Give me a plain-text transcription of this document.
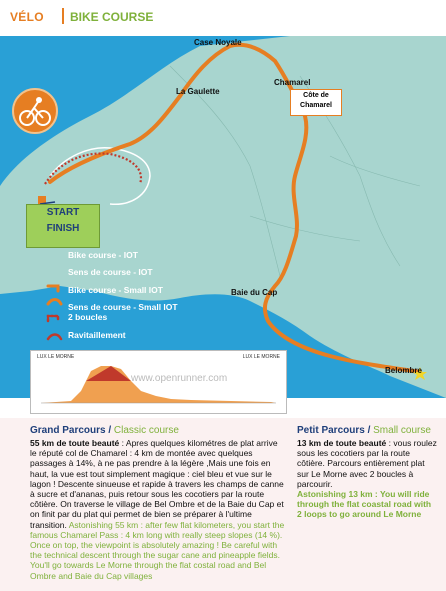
VÉLO BIKE COURSE
Case Noyale
La Gaulette
Chamarel
Côte de
Chamarel
Baie du Cap
Belombre
START
FINISH
Bike course - IOT
Sens de course - IOT
Bike course - Small IOT
Sens de course - Small IOT
2 boucles
Ravitaillement
LUX LE MORNE	LUX LE MORNE
www.openrunner.com
Grand Parcours / Classic course
55 km de toute beauté : Apres quelques kilométres de plat arrive le réputé col de Chamarel : 4 km de montée avec quelques passages à 14%, à ne pas prendre à la légère ,Mais une fois en haut, la vue est tout simplement magique : ciel bleu et vue sur le lagon ! Descente sinueuse et rapide à travers les champs de canne à sucre et d'ananas, puis retour sous les cocotiers par la route côtière. On traverse le village de Bel Ombre et de la Baie du Cap et on finit par du plat qui permet de bien se préparer à l'ultime transition. Astonishing 55 km : after few flat kilometers, you start the famous Chamarel Pass : 4 km long with really steep slopes (14 %). Once on top, the viewpoint is absolutely amazing ! Be careful with the technical descent through the sugar cane and pineapple fields. You'll go towards Le Morne through the flat costal road and Bel Ombre and Baie du Cap villages
Petit Parcours / Small course
13 km de toute beauté : vous roulez sous les cocotiers par la route côtière. Parcours entièrement plat sur Le Morne avec 2 boucles à parcourir.
Astonishing 13 km : You will ride through the flat coastal road with 2 loops to go around Le Morne
